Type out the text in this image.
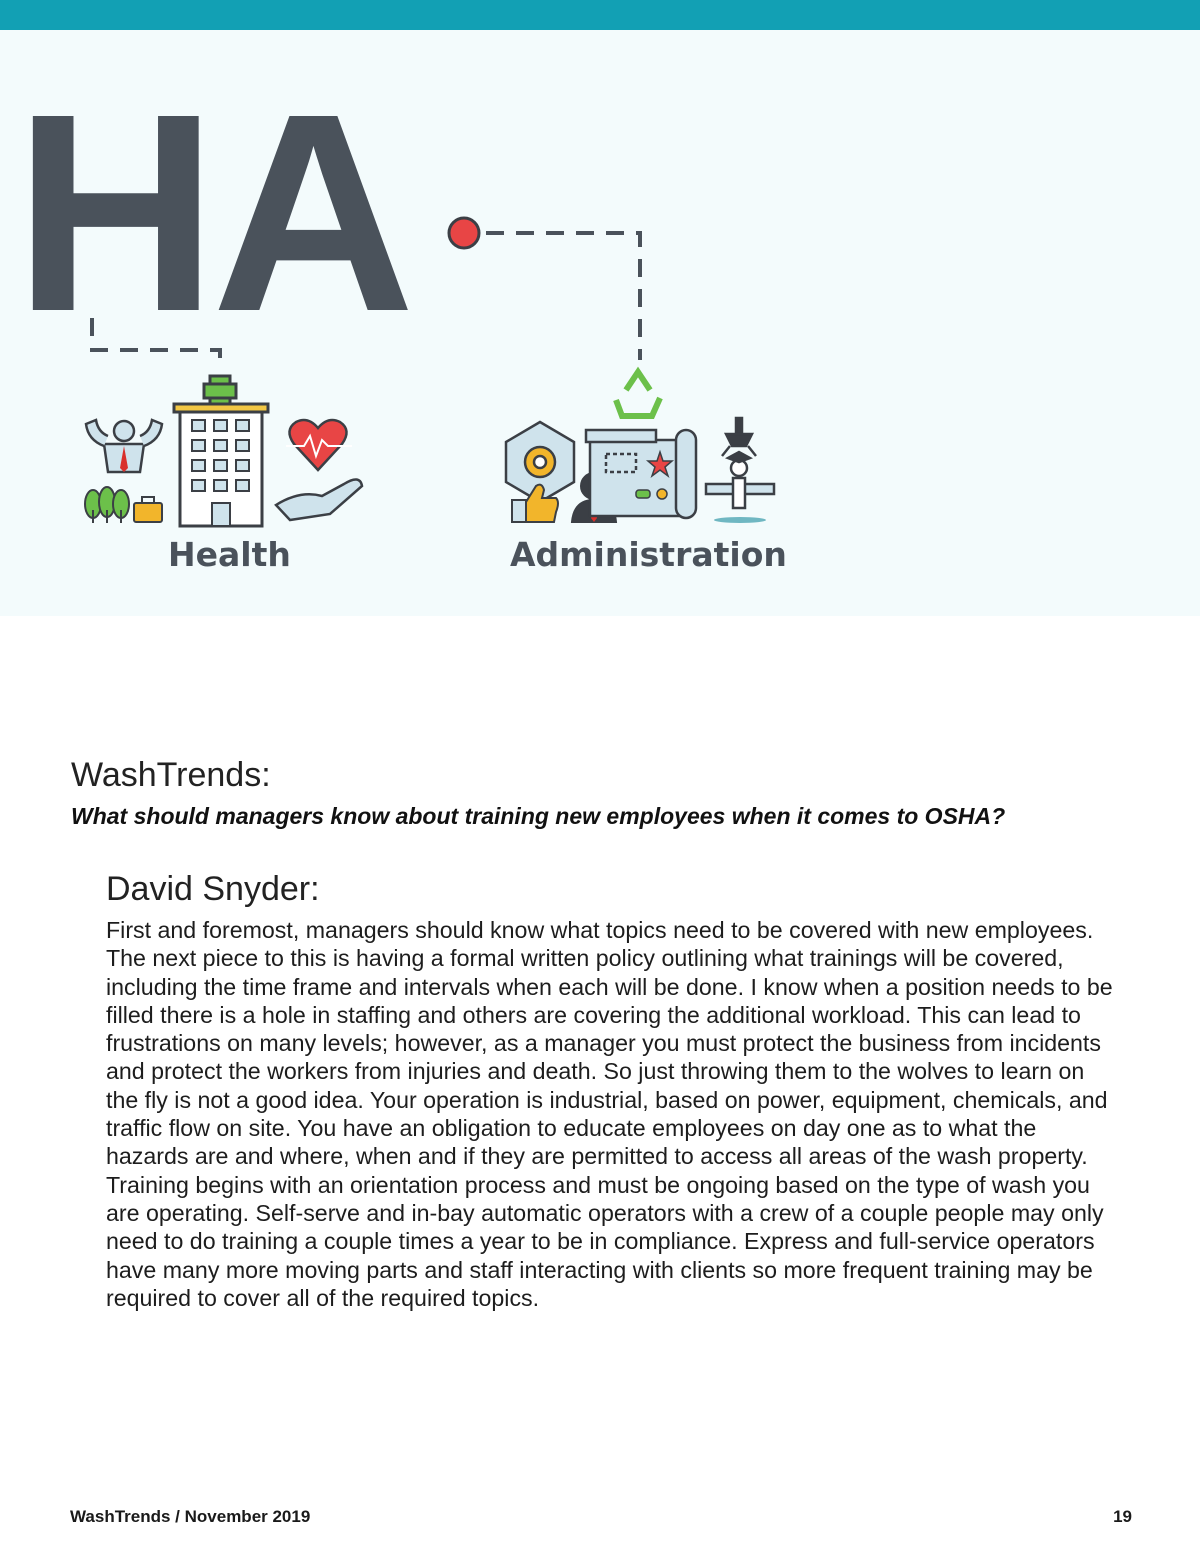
HA

Health	Administration

WashTrends:

What should managers know about training new employees when it comes to OSHA?

David Snyder:

First and foremost, managers should know what topics need to be covered with new employees. The next piece to this is having a formal written policy outlining what trainings will be covered, including the time frame and intervals when each will be done. I know when a position needs to be filled there is a hole in staffing and others are covering the additional workload. This can lead to frustrations on many levels; however, as a manager you must protect the business from incidents and protect the workers from injuries and death. So just throwing them to the wolves to learn on the fly is not a good idea. Your operation is industrial, based on power, equipment, chemicals, and traffic flow on site. You have an obligation to educate employees on day one as to what the hazards are and where, when and if they are permitted to access all areas of the wash property. Training begins with an orientation process and must be ongoing based on the type of wash you are operating. Self-serve and in-bay automatic operators with a crew of a couple people may only need to do training a couple times a year to be in compliance. Express and full-service operators have many more moving parts and staff interacting with clients so more frequent training may be required to cover all of the required topics.

WashTrends / November 2019	19
